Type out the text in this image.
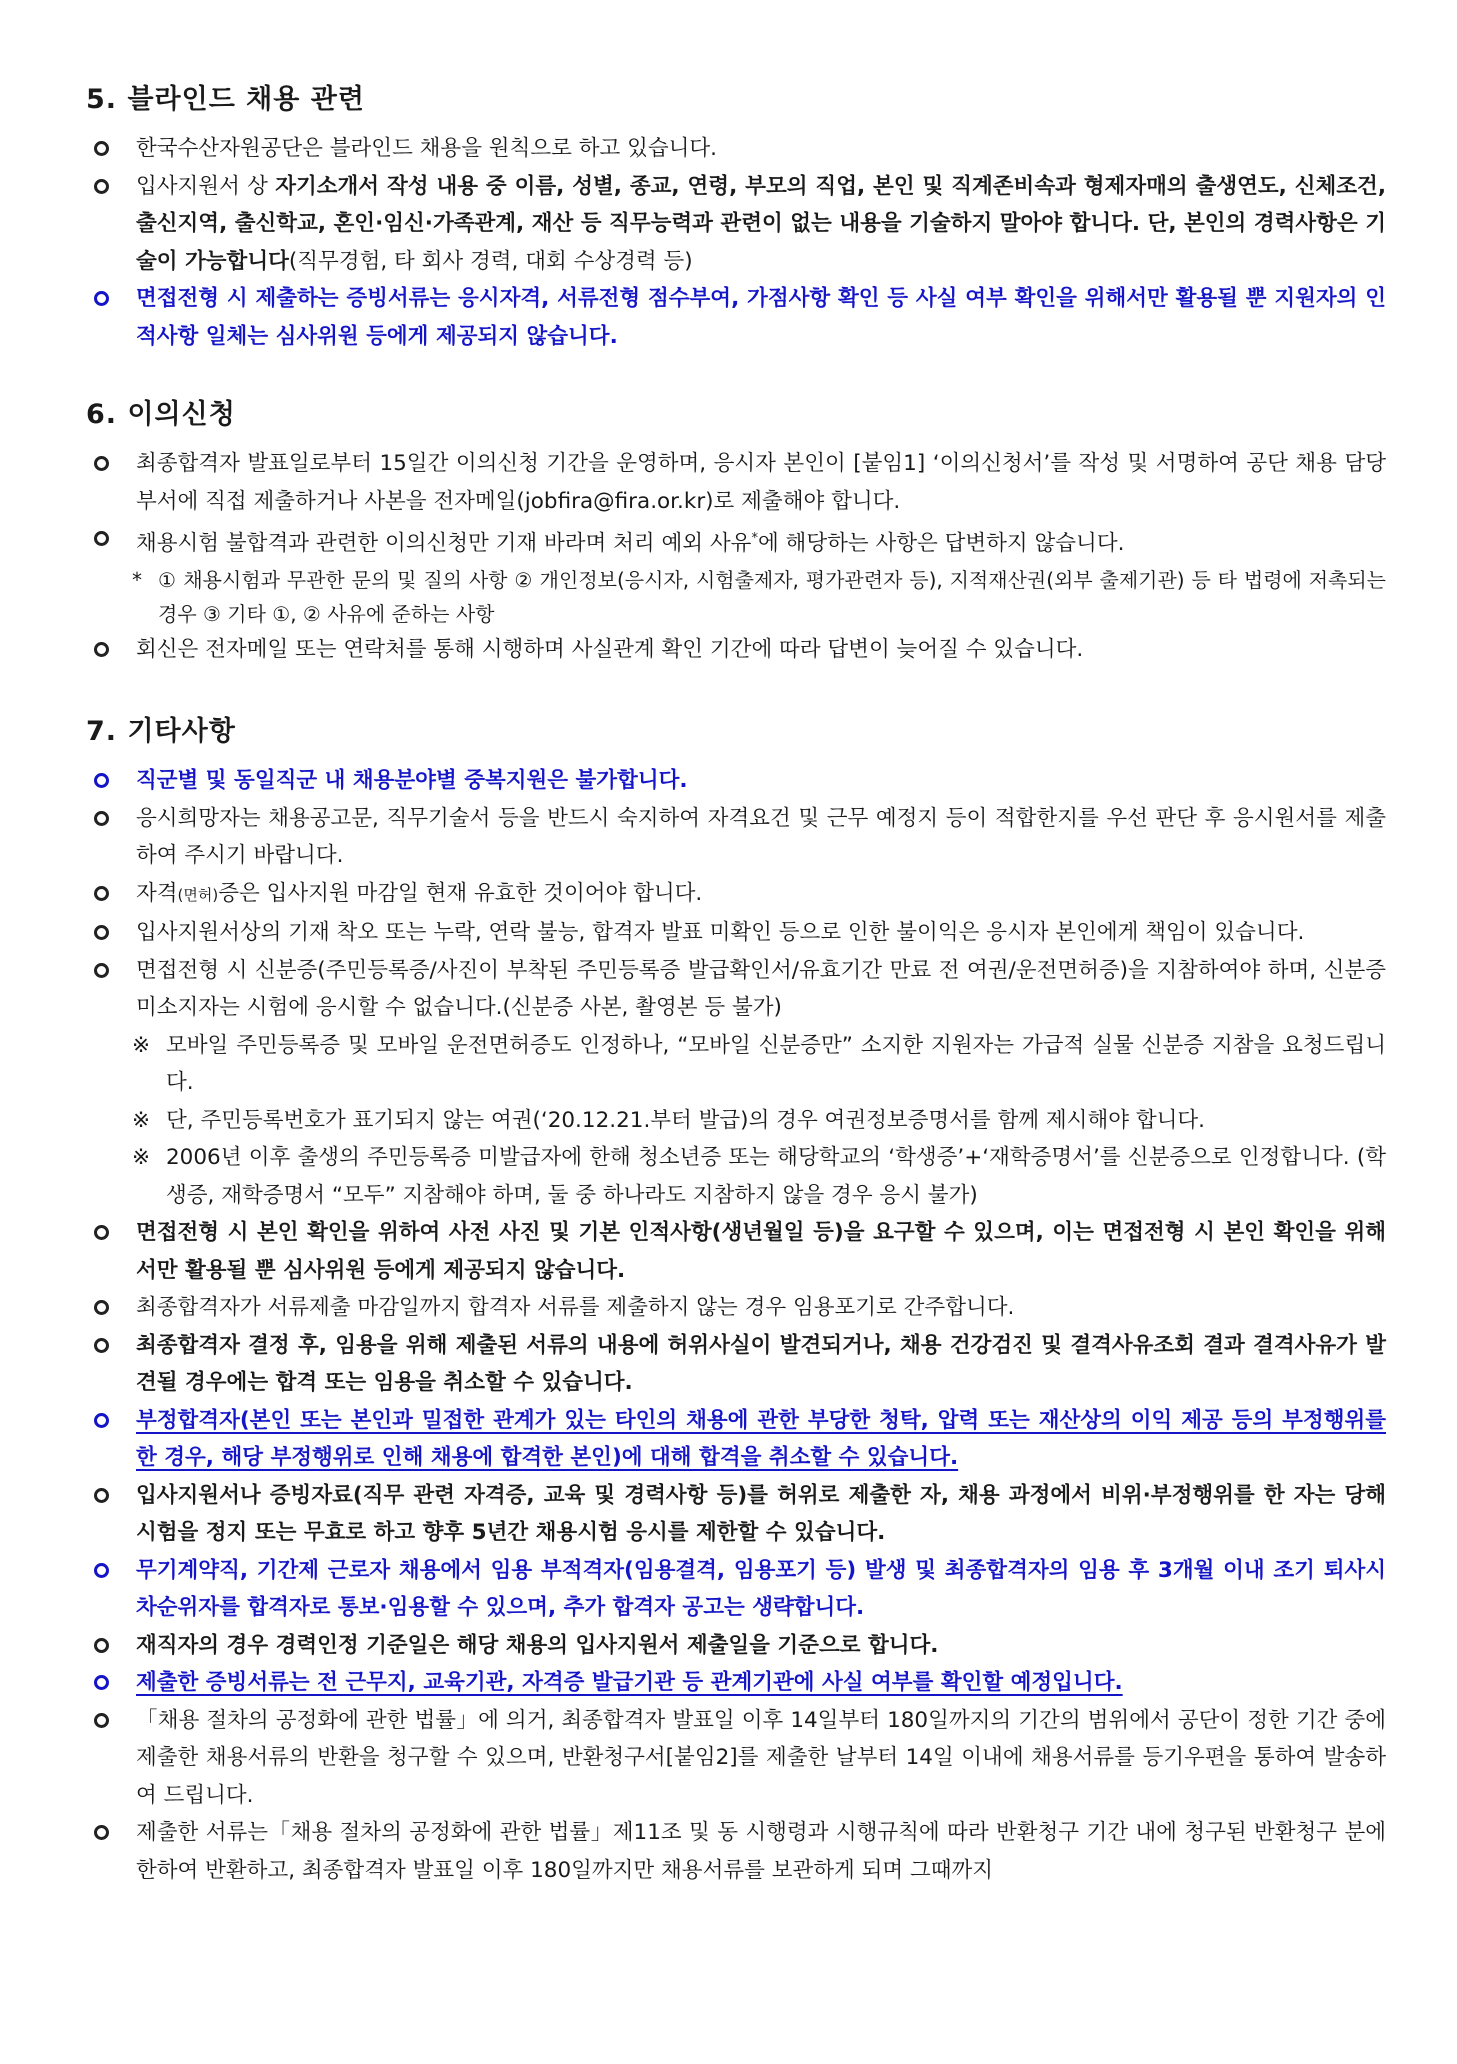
5. 블라인드 채용 관련

한국수산자원공단은 블라인드 채용을 원칙으로 하고 있습니다.

입사지원서 상 자기소개서 작성 내용 중 이름, 성별, 종교, 연령, 부모의 직업, 본인 및 직계존비속과 형제자매의 출생연도, 신체조건, 출신지역, 출신학교, 혼인·임신·가족관계, 재산 등 직무능력과 관련이 없는 내용을 기술하지 말아야 합니다. 단, 본인의 경력사항은 기술이 가능합니다(직무경험, 타 회사 경력, 대회 수상경력 등)

면접전형 시 제출하는 증빙서류는 응시자격, 서류전형 점수부여, 가점사항 확인 등 사실 여부 확인을 위해서만 활용될 뿐 지원자의 인적사항 일체는 심사위원 등에게 제공되지 않습니다.

6. 이의신청

최종합격자 발표일로부터 15일간 이의신청 기간을 운영하며, 응시자 본인이 [붙임1] ‘이의신청서’를 작성 및 서명하여 공단 채용 담당 부서에 직접 제출하거나 사본을 전자메일(jobfira@fira.or.kr)로 제출해야 합니다.

채용시험 불합격과 관련한 이의신청만 기재 바라며 처리 예외 사유*에 해당하는 사항은 답변하지 않습니다.

* ① 채용시험과 무관한 문의 및 질의 사항 ② 개인정보(응시자, 시험출제자, 평가관련자 등), 지적재산권(외부 출제기관) 등 타 법령에 저촉되는 경우 ③ 기타 ①, ② 사유에 준하는 사항

회신은 전자메일 또는 연락처를 통해 시행하며 사실관계 확인 기간에 따라 답변이 늦어질 수 있습니다.

7. 기타사항

직군별 및 동일직군 내 채용분야별 중복지원은 불가합니다.

응시희망자는 채용공고문, 직무기술서 등을 반드시 숙지하여 자격요건 및 근무 예정지 등이 적합한지를 우선 판단 후 응시원서를 제출하여 주시기 바랍니다.

자격(면허)증은 입사지원 마감일 현재 유효한 것이어야 합니다.

입사지원서상의 기재 착오 또는 누락, 연락 불능, 합격자 발표 미확인 등으로 인한 불이익은 응시자 본인에게 책임이 있습니다.

면접전형 시 신분증(주민등록증/사진이 부착된 주민등록증 발급확인서/유효기간 만료 전 여권/운전면허증)을 지참하여야 하며, 신분증 미소지자는 시험에 응시할 수 없습니다.(신분증 사본, 촬영본 등 불가)

※ 모바일 주민등록증 및 모바일 운전면허증도 인정하나, “모바일 신분증만” 소지한 지원자는 가급적 실물 신분증 지참을 요청드립니다.

※ 단, 주민등록번호가 표기되지 않는 여권(‘20.12.21.부터 발급)의 경우 여권정보증명서를 함께 제시해야 합니다.

※ 2006년 이후 출생의 주민등록증 미발급자에 한해 청소년증 또는 해당학교의 ‘학생증’+‘재학증명서’를 신분증으로 인정합니다. (학생증, 재학증명서 “모두” 지참해야 하며, 둘 중 하나라도 지참하지 않을 경우 응시 불가)

면접전형 시 본인 확인을 위하여 사전 사진 및 기본 인적사항(생년월일 등)을 요구할 수 있으며, 이는 면접전형 시 본인 확인을 위해서만 활용될 뿐 심사위원 등에게 제공되지 않습니다.

최종합격자가 서류제출 마감일까지 합격자 서류를 제출하지 않는 경우 임용포기로 간주합니다.

최종합격자 결정 후, 임용을 위해 제출된 서류의 내용에 허위사실이 발견되거나, 채용 건강검진 및 결격사유조회 결과 결격사유가 발견될 경우에는 합격 또는 임용을 취소할 수 있습니다.

부정합격자(본인 또는 본인과 밀접한 관계가 있는 타인의 채용에 관한 부당한 청탁, 압력 또는 재산상의 이익 제공 등의 부정행위를 한 경우, 해당 부정행위로 인해 채용에 합격한 본인)에 대해 합격을 취소할 수 있습니다.

입사지원서나 증빙자료(직무 관련 자격증, 교육 및 경력사항 등)를 허위로 제출한 자, 채용 과정에서 비위·부정행위를 한 자는 당해 시험을 정지 또는 무효로 하고 향후 5년간 채용시험 응시를 제한할 수 있습니다.

무기계약직, 기간제 근로자 채용에서 임용 부적격자(임용결격, 임용포기 등) 발생 및 최종합격자의 임용 후 3개월 이내 조기 퇴사시 차순위자를 합격자로 통보·임용할 수 있으며, 추가 합격자 공고는 생략합니다.

재직자의 경우 경력인정 기준일은 해당 채용의 입사지원서 제출일을 기준으로 합니다.

제출한 증빙서류는 전 근무지, 교육기관, 자격증 발급기관 등 관계기관에 사실 여부를 확인할 예정입니다.

「채용 절차의 공정화에 관한 법률」에 의거, 최종합격자 발표일 이후 14일부터 180일까지의 기간의 범위에서 공단이 정한 기간 중에 제출한 채용서류의 반환을 청구할 수 있으며, 반환청구서[붙임2]를 제출한 날부터 14일 이내에 채용서류를 등기우편을 통하여 발송하여 드립니다.

제출한 서류는「채용 절차의 공정화에 관한 법률」제11조 및 동 시행령과 시행규칙에 따라 반환청구 기간 내에 청구된 반환청구 분에 한하여 반환하고, 최종합격자 발표일 이후 180일까지만 채용서류를 보관하게 되며 그때까지
